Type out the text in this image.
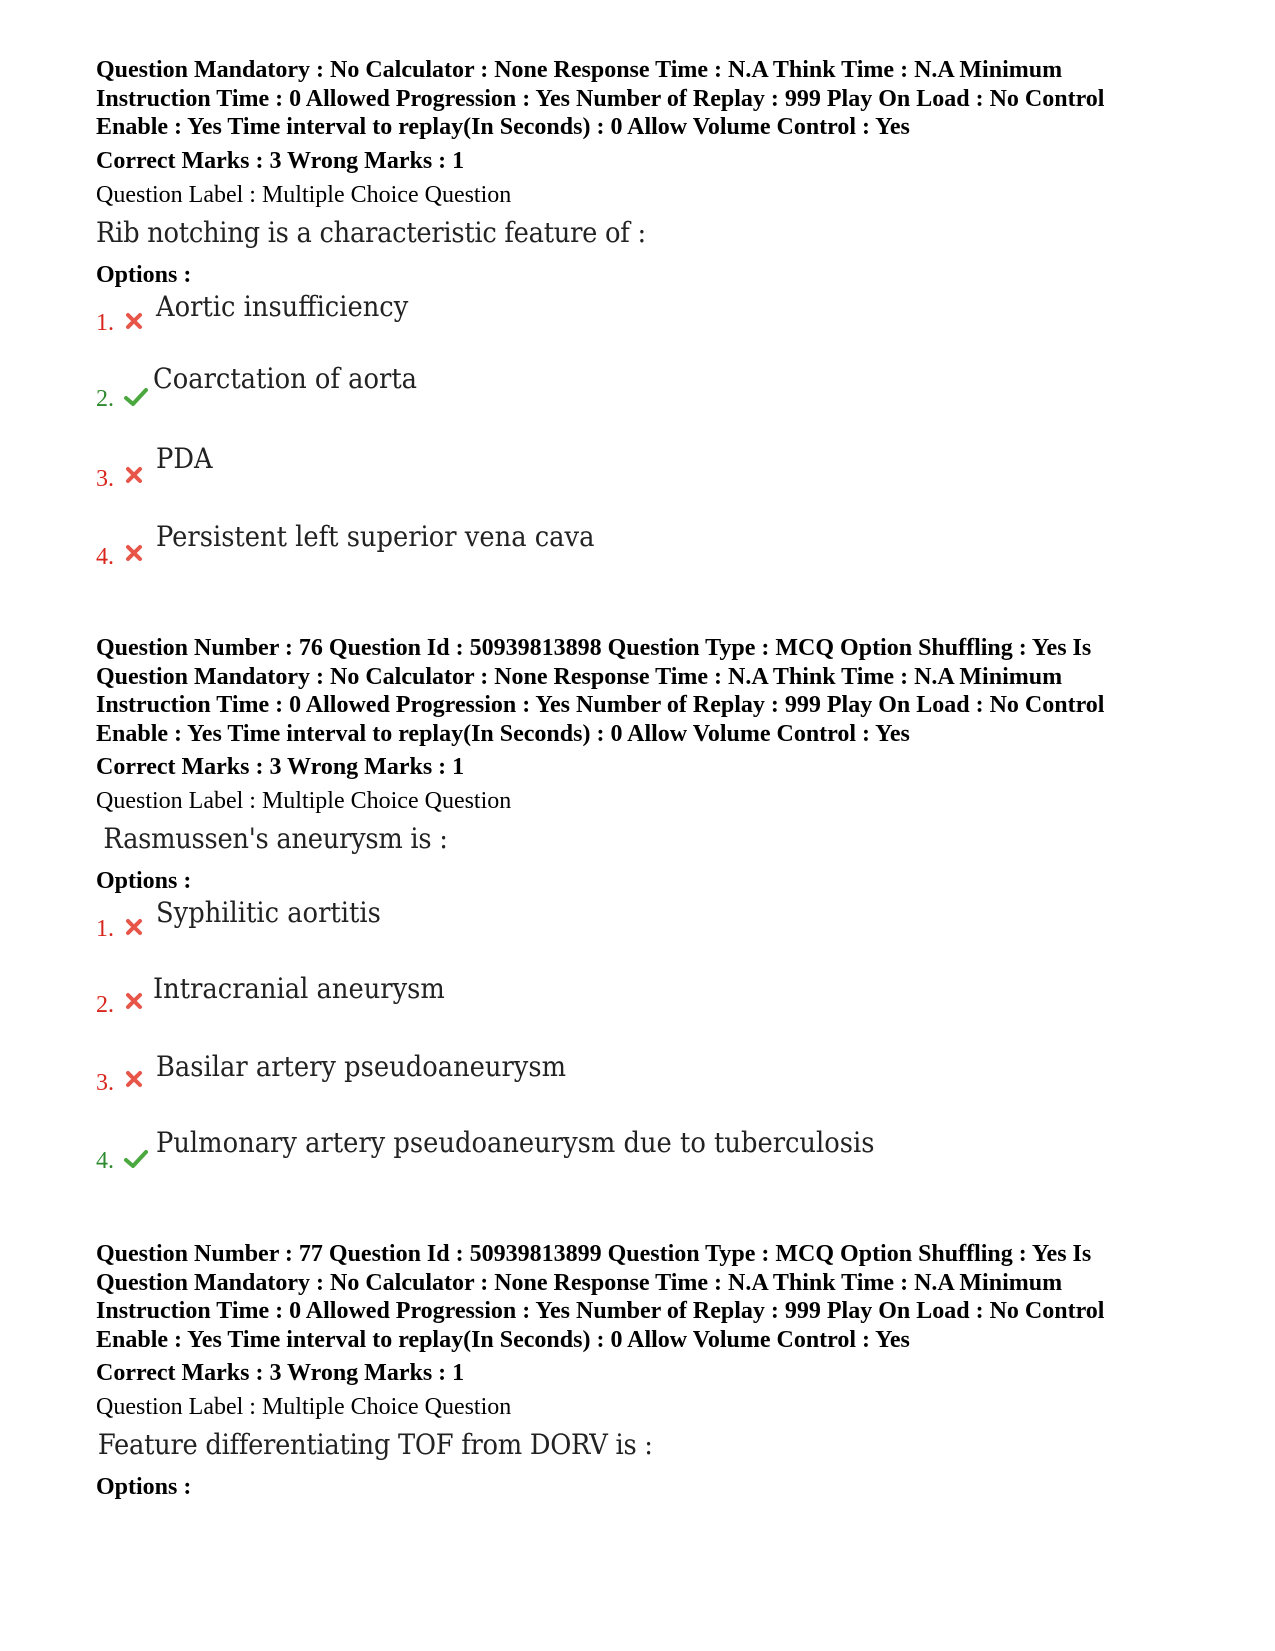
Question Mandatory : No Calculator : None Response Time : N.A Think Time : N.A Minimum Instruction Time : 0 Allowed Progression : Yes Number of Replay : 999 Play On Load : No Control Enable : Yes Time interval to replay(In Seconds) : 0 Allow Volume Control : Yes

Correct Marks : 3 Wrong Marks : 1

Question Label : Multiple Choice Question

Rib notching is a characteristic feature of :

Options :

1. Aortic insufficiency
2.
Coarctation of aorta
3.
PDA
4.
Persistent left superior vena cava

Question Number : 76 Question Id : 50939813898 Question Type : MCQ Option Shuffling : Yes Is Question Mandatory : No Calculator : None Response Time : N.A Think Time : N.A Minimum Instruction Time : 0 Allowed Progression : Yes Number of Replay : 999 Play On Load : No Control Enable : Yes Time interval to replay(In Seconds) : 0 Allow Volume Control : Yes

Correct Marks : 3 Wrong Marks : 1

Question Label : Multiple Choice Question

Rasmussen's aneurysm is :

Options :

1. Syphilitic aortitis
2. Intracranial aneurysm
3. Basilar artery pseudoaneurysm
4.
Pulmonary artery pseudoaneurysm due to tuberculosis

Question Number : 77 Question Id : 50939813899 Question Type : MCQ Option Shuffling : Yes Is Question Mandatory : No Calculator : None Response Time : N.A Think Time : N.A Minimum Instruction Time : 0 Allowed Progression : Yes Number of Replay : 999 Play On Load : No Control Enable : Yes Time interval to replay(In Seconds) : 0 Allow Volume Control : Yes

Correct Marks : 3 Wrong Marks : 1

Question Label : Multiple Choice Question

Feature differentiating TOF from DORV is :

Options :
